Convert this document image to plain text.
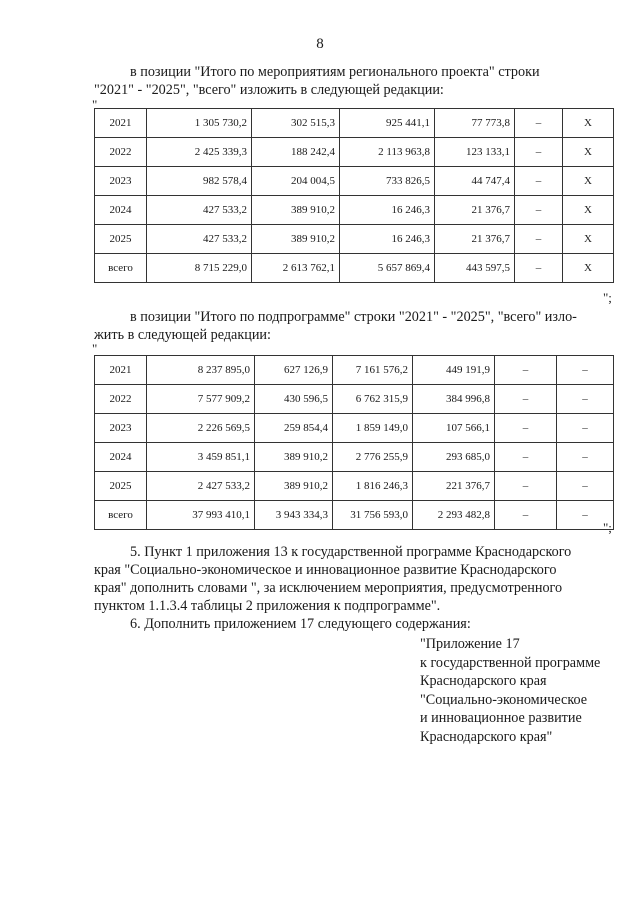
8
в позиции "Итого по мероприятиям регионального проекта" строки
"2021" - "2025", "всего" изложить в следующей редакции:
"
2021	1 305 730,2	302 515,3	925 441,1	77 773,8	–	X
2022	2 425 339,3	188 242,4	2 113 963,8	123 133,1	–	X
2023	982 578,4	204 004,5	733 826,5	44 747,4	–	X
2024	427 533,2	389 910,2	16 246,3	21 376,7	–	X
2025	427 533,2	389 910,2	16 246,3	21 376,7	–	X
всего	8 715 229,0	2 613 762,1	5 657 869,4	443 597,5	–	X
";
в позиции "Итого по подпрограмме" строки "2021" - "2025", "всего" изло-
жить в следующей редакции:
"
2021	8 237 895,0	627 126,9	7 161 576,2	449 191,9	–	–
2022	7 577 909,2	430 596,5	6 762 315,9	384 996,8	–	–
2023	2 226 569,5	259 854,4	1 859 149,0	107 566,1	–	–
2024	3 459 851,1	389 910,2	2 776 255,9	293 685,0	–	–
2025	2 427 533,2	389 910,2	1 816 246,3	221 376,7	–	–
всего	37 993 410,1	3 943 334,3	31 756 593,0	2 293 482,8	–	–
";
5. Пункт 1 приложения 13 к государственной программе Краснодарского
края "Социально-экономическое и инновационное развитие Краснодарского
края" дополнить словами ", за исключением мероприятия, предусмотренного
пунктом 1.1.3.4 таблицы 2 приложения к подпрограмме".
6. Дополнить приложением 17 следующего содержания:
"Приложение 17
к государственной программе
Краснодарского края
"Социально-экономическое
и инновационное развитие
Краснодарского края"
